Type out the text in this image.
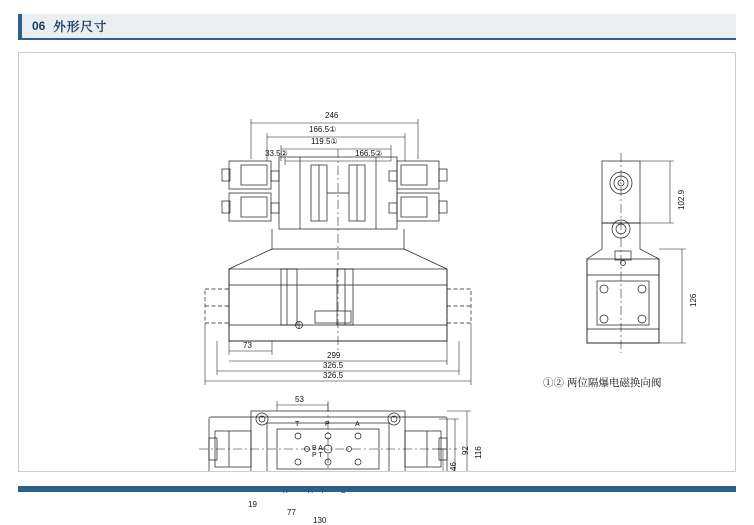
06 外形尺寸
246
166.5①
119.5①
33.5②	166.5②
73
299
326.5
326.5
102.9
126
53
116
92
46
19
77
130
T	P	A
B A
P T
①② 两位隔爆电磁换向阀
